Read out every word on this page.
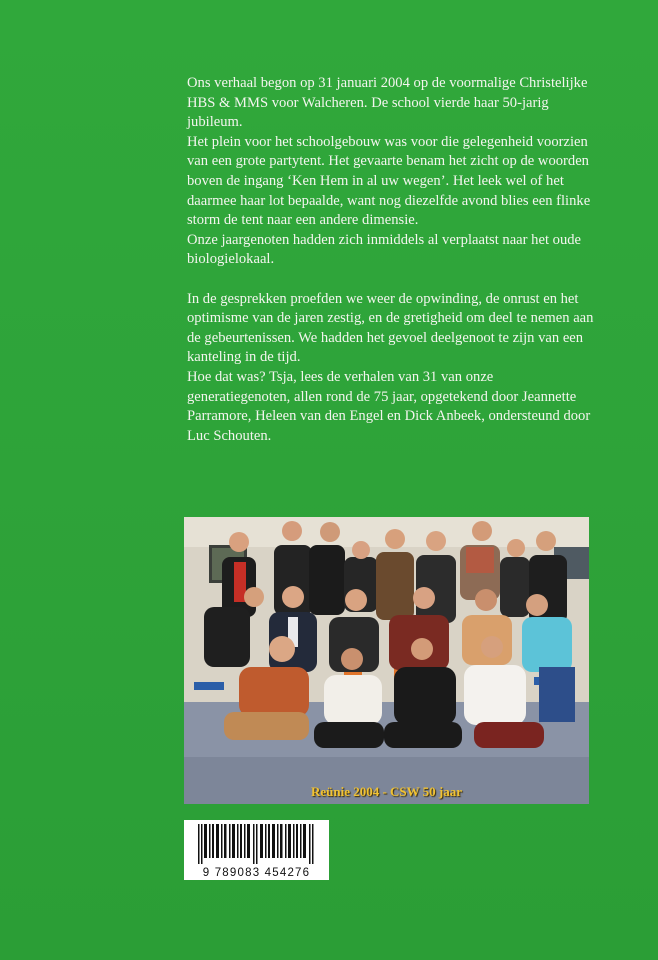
Ons verhaal begon op 31 januari 2004 op de voormalige Christelijke HBS & MMS voor Walcheren. De school vierde haar 50-jarig jubileum.

Het plein voor het schoolgebouw was voor die gelegenheid voorzien van een grote partytent. Het gevaarte benam het zicht op de woorden boven de ingang ‘Ken Hem in al uw wegen’. Het leek wel of het daarmee haar lot bepaalde, want nog diezelfde avond blies een flinke storm de tent naar een andere dimensie.

Onze jaargenoten hadden zich inmiddels al verplaatst naar het oude biologielokaal.

In de gesprekken proefden we weer de opwinding, de onrust en het optimisme van de jaren zestig, en de gretigheid om deel te nemen aan de gebeurtenissen. We hadden het gevoel deelgenoot te zijn van een kanteling in de tijd.

Hoe dat was? Tsja, lees de verhalen van 31 van onze generatiegenoten, allen rond de 75 jaar, opgetekend door Jeannette Parramore, Heleen van den Engel en Dick Anbeek, ondersteund door Luc Schouten.

Reünie 2004 - CSW 50 jaar
9 789083 454276
